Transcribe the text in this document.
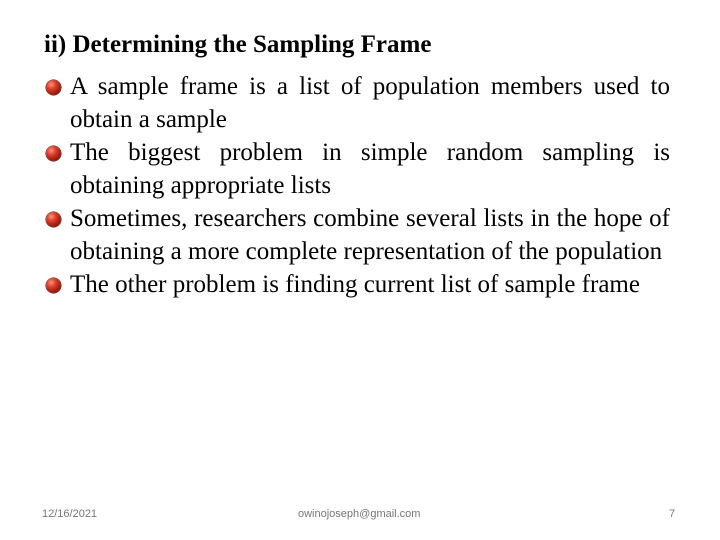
ii) Determining the Sampling Frame
A sample frame is a list of population members used to obtain a sample
The biggest problem in simple random sampling is obtaining appropriate lists
Sometimes, researchers combine several lists in the hope of obtaining a more complete representation of the population
The other problem is finding current list of sample frame
12/16/2021	owinojoseph@gmail.com	7
